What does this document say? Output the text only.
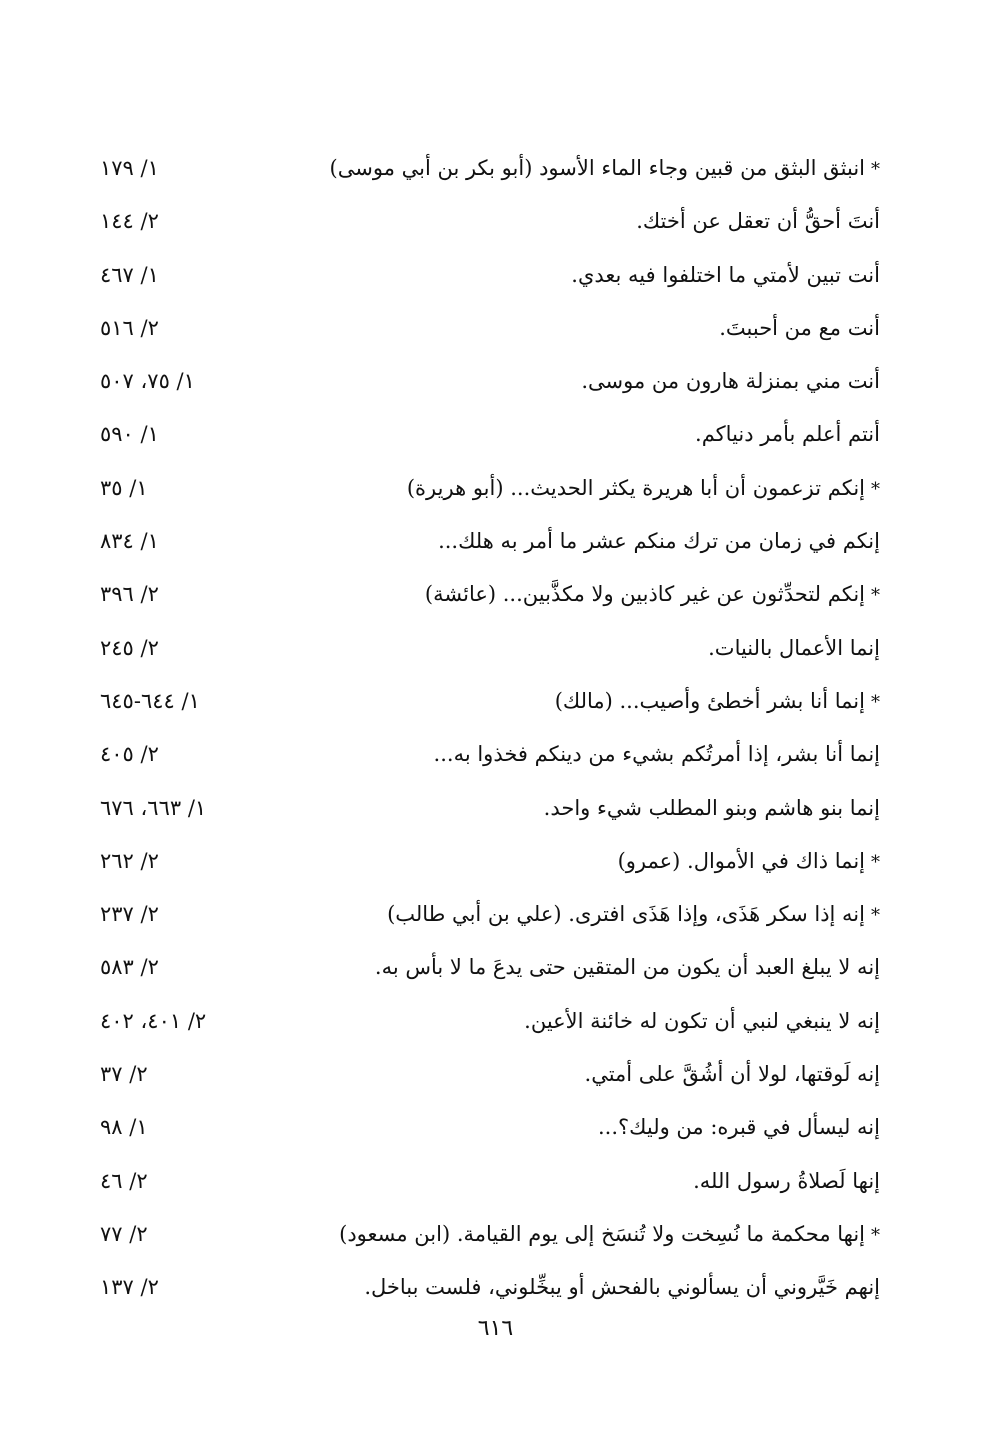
*انبثق البثق من قبين وجاء الماء الأسود (أبو بكر بن أبي موسى)
١/ ١٧٩
أنتَ أحقُّ أن تعقل عن أختك.
٢/ ١٤٤
أنت تبين لأمتي ما اختلفوا فيه بعدي.
١/ ٤٦٧
أنت مع من أحببتَ.
٢/ ٥١٦
أنت مني بمنزلة هارون من موسى.
١/ ٧٥، ٥٠٧
أنتم أعلم بأمر دنياكم.
١/ ٥٩٠
*إنكم تزعمون أن أبا هريرة يكثر الحديث... (أبو هريرة)
١/ ٣٥
إنكم في زمان من ترك منكم عشر ما أمر به هلك...
١/ ٨٣٤
*إنكم لتحدِّثون عن غير كاذبين ولا مكذَّبين... (عائشة)
٢/ ٣٩٦
إنما الأعمال بالنيات.
٢/ ٢٤٥
*إنما أنا بشر أخطئ وأصيب... (مالك)
١/ ٦٤٤-٦٤٥
إنما أنا بشر، إذا أمرتُكم بشيء من دينكم فخذوا به...
٢/ ٤٠٥
إنما بنو هاشم وبنو المطلب شيء واحد.
١/ ٦٦٣، ٦٧٦
*إنما ذاك في الأموال. (عمرو)
٢/ ٢٦٢
*إنه إذا سكر هَذَى، وإذا هَذَى افترى. (علي بن أبي طالب)
٢/ ٢٣٧
إنه لا يبلغ العبد أن يكون من المتقين حتى يدعَ ما لا بأس به.
٢/ ٥٨٣
إنه لا ينبغي لنبي أن تكون له خائنة الأعين.
٢/ ٤٠١، ٤٠٢
إنه لَوقتها، لولا أن أشُقَّ على أمتي.
٢/ ٣٧
إنه ليسأل في قبره: من وليك؟...
١/ ٩٨
إنها لَصلاةُ رسول الله.
٢/ ٤٦
*إنها محكمة ما نُسِخت ولا تُنسَخ إلى يوم القيامة. (ابن مسعود)
٢/ ٧٧
إنهم خَيَّروني أن يسألوني بالفحش أو يبخِّلوني، فلست بباخل.
٢/ ١٣٧
٦١٦
